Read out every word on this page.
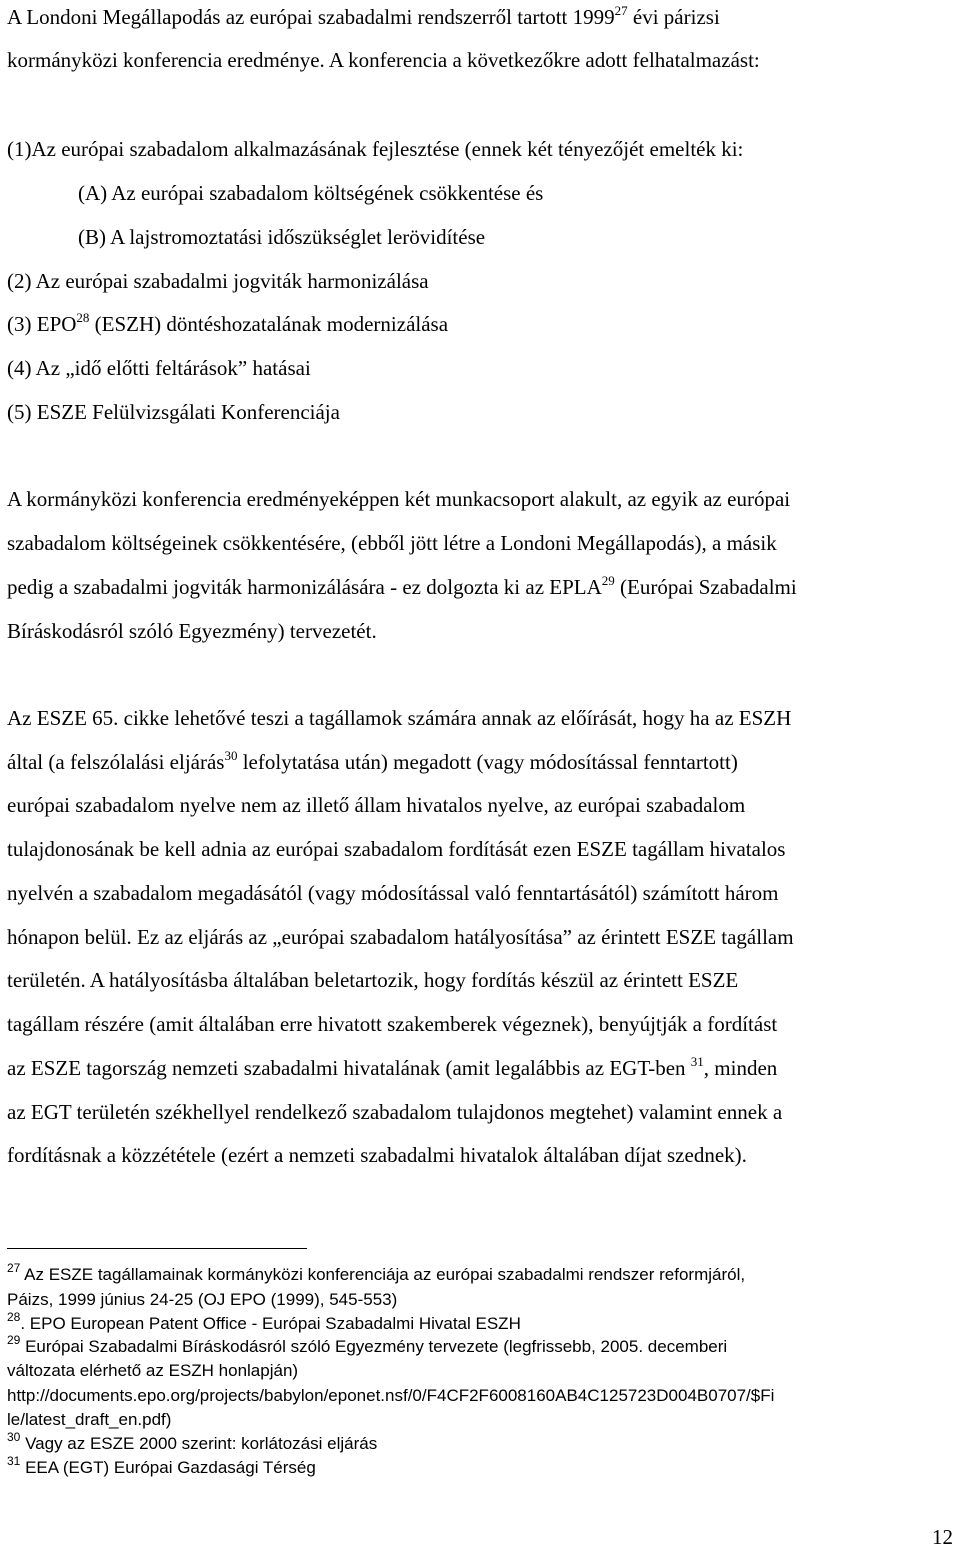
A Londoni Megállapodás az európai szabadalmi rendszerről tartott 1999$^{27}$ évi párizsi
kormányközi konferencia eredménye. A konferencia a következőkre adott felhatalmazást:
(1)Az európai szabadalom alkalmazásának fejlesztése (ennek két tényezőjét emelték ki:
(A) Az európai szabadalom költségének csökkentése és
(B) A lajstromoztatási időszükséglet lerövidítése
(2) Az európai szabadalmi jogviták harmonizálása
(3) EPO$^{28}$ (ESZH) döntéshozatalának modernizálása
(4) Az „idő előtti feltárások” hatásai
(5) ESZE Felülvizsgálati Konferenciája
A kormányközi konferencia eredményeképpen két munkacsoport alakult, az egyik az európai
szabadalom költségeinek csökkentésére, (ebből jött létre a Londoni Megállapodás), a másik
pedig a szabadalmi jogviták harmonizálására - ez dolgozta ki az EPLA$^{29}$ (Európai Szabadalmi
Bíráskodásról szóló Egyezmény) tervezetét.
Az ESZE 65. cikke lehetővé teszi a tagállamok számára annak az előírását, hogy ha az ESZH
által (a felszólalási eljárás$^{30}$ lefolytatása után) megadott (vagy módosítással fenntartott)
európai szabadalom nyelve nem az illető állam hivatalos nyelve, az európai szabadalom
tulajdonosának be kell adnia az európai szabadalom fordítását ezen ESZE tagállam hivatalos
nyelvén a szabadalom megadásától (vagy módosítással való fenntartásától) számított három
hónapon belül. Ez az eljárás az „európai szabadalom hatályosítása” az érintett ESZE tagállam
területén. A hatályosításba általában beletartozik, hogy fordítás készül az érintett ESZE
tagállam részére (amit általában erre hivatott szakemberek végeznek), benyújtják a fordítást
az ESZE tagország nemzeti szabadalmi hivatalának (amit legalábbis az EGT-ben $^{31}$, minden
az EGT területén székhellyel rendelkező szabadalom tulajdonos megtehet) valamint ennek a
fordításnak a közzététele (ezért a nemzeti szabadalmi hivatalok általában díjat szednek).
$^{27}$ Az ESZE tagállamainak kormányközi konferenciája az európai szabadalmi rendszer reformjáról,
Páizs, 1999 június 24-25 (OJ EPO (1999), 545-553)
$^{28}$. EPO European Patent Office - Európai Szabadalmi Hivatal ESZH
$^{29}$ Európai Szabadalmi Bíráskodásról szóló Egyezmény tervezete (legfrissebb, 2005. decemberi
változata elérhető az ESZH honlapján)
http://documents.epo.org/projects/babylon/eponet.nsf/0/F4CF2F6008160AB4C125723D004B0707/$Fi
le/latest_draft_en.pdf)
$^{30}$ Vagy az ESZE 2000 szerint: korlátozási eljárás
$^{31}$ EEA (EGT) Európai Gazdasági Térség
12
